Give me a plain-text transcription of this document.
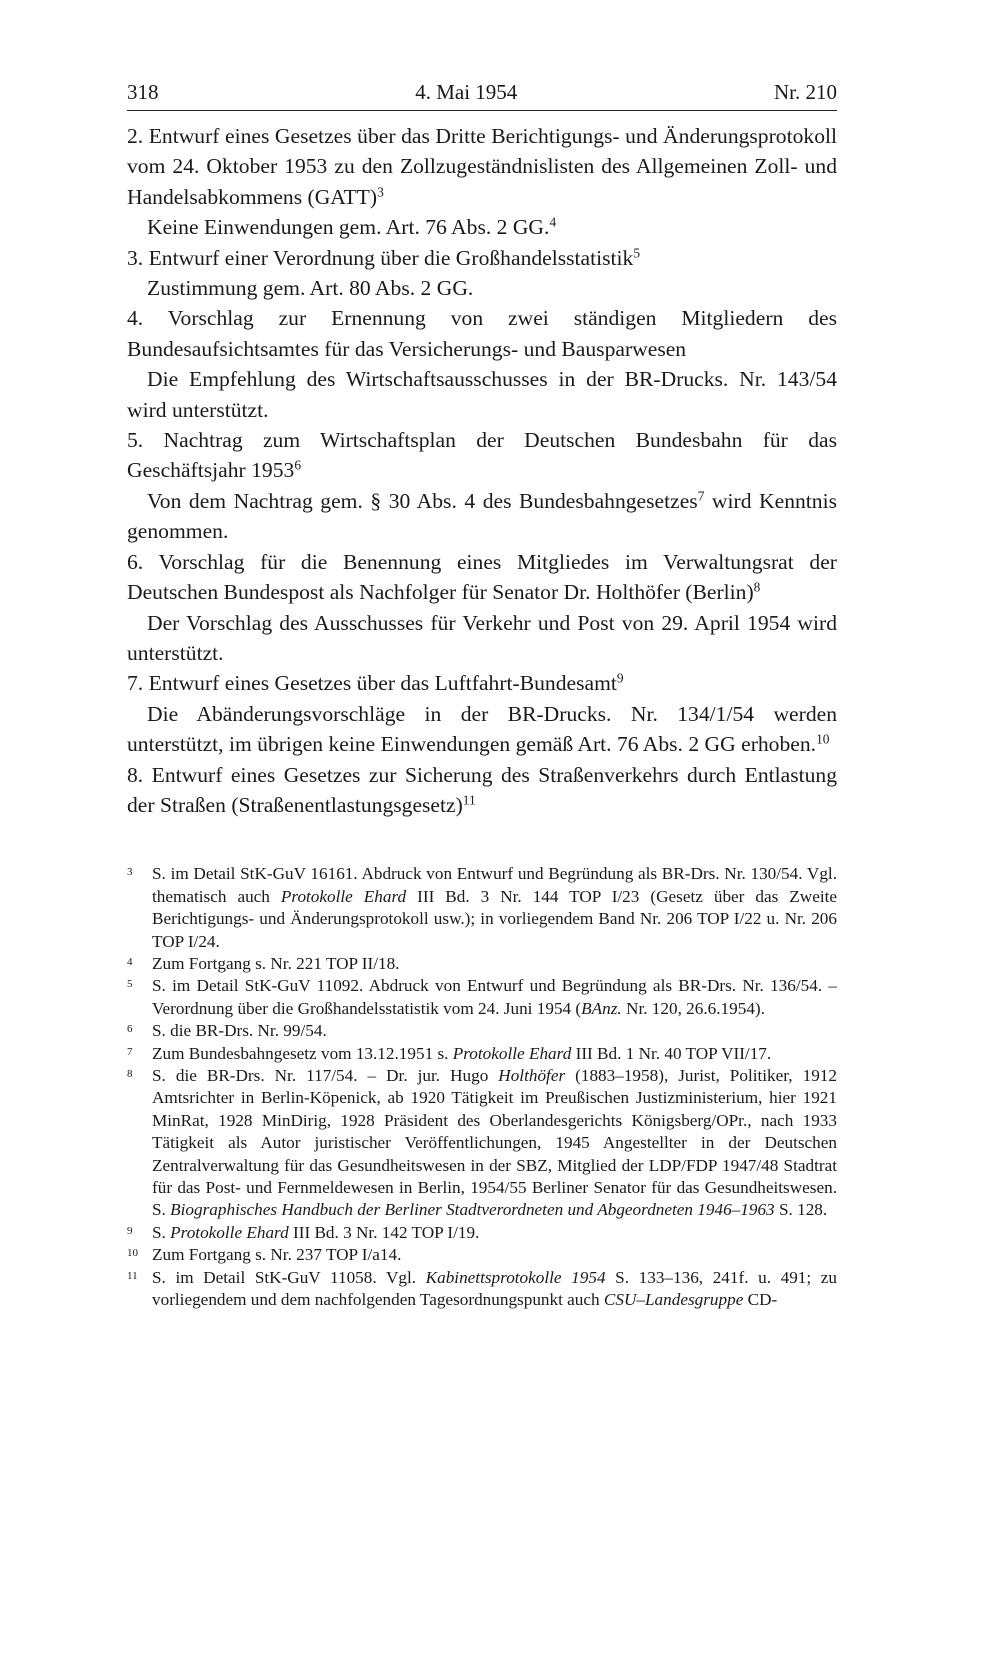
318	4. Mai 1954	Nr. 210
2. Entwurf eines Gesetzes über das Dritte Berichtigungs- und Änderungsprotokoll vom 24. Oktober 1953 zu den Zollzugeständnislisten des Allgemeinen Zoll- und Handelsabkommens (GATT)$^3$
Keine Einwendungen gem. Art. 76 Abs. 2 GG.$^4$
3. Entwurf einer Verordnung über die Großhandelsstatistik$^5$
Zustimmung gem. Art. 80 Abs. 2 GG.
4. Vorschlag zur Ernennung von zwei ständigen Mitgliedern des Bundesaufsichtsamtes für das Versicherungs- und Bausparwesen
Die Empfehlung des Wirtschaftsausschusses in der BR-Drucks. Nr. 143/54 wird unterstützt.
5. Nachtrag zum Wirtschaftsplan der Deutschen Bundesbahn für das Geschäftsjahr 1953$^6$
Von dem Nachtrag gem. § 30 Abs. 4 des Bundesbahngesetzes$^7$ wird Kenntnis genommen.
6. Vorschlag für die Benennung eines Mitgliedes im Verwaltungsrat der Deutschen Bundespost als Nachfolger für Senator Dr. Holthöfer (Berlin)$^8$
Der Vorschlag des Ausschusses für Verkehr und Post von 29. April 1954 wird unterstützt.
7. Entwurf eines Gesetzes über das Luftfahrt-Bundesamt$^9$
Die Abänderungsvorschläge in der BR-Drucks. Nr. 134/1/54 werden unterstützt, im übrigen keine Einwendungen gemäß Art. 76 Abs. 2 GG erhoben.$^{10}$
8. Entwurf eines Gesetzes zur Sicherung des Straßenverkehrs durch Entlastung der Straßen (Straßenentlastungsgesetz)$^{11}$
3	S. im Detail StK-GuV 16161. Abdruck von Entwurf und Begründung als BR-Drs. Nr. 130/54. Vgl. thematisch auch Protokolle Ehard III Bd. 3 Nr. 144 TOP I/23 (Gesetz über das Zweite Berichtigungs- und Änderungsprotokoll usw.); in vorliegendem Band Nr. 206 TOP I/22 u. Nr. 206 TOP I/24.
4	Zum Fortgang s. Nr. 221 TOP II/18.
5	S. im Detail StK-GuV 11092. Abdruck von Entwurf und Begründung als BR-Drs. Nr. 136/54. – Verordnung über die Großhandelsstatistik vom 24. Juni 1954 (BAnz. Nr. 120, 26.6.1954).
6	S. die BR-Drs. Nr. 99/54.
7	Zum Bundesbahngesetz vom 13.12.1951 s. Protokolle Ehard III Bd. 1 Nr. 40 TOP VII/17.
8	S. die BR-Drs. Nr. 117/54. – Dr. jur. Hugo Holthöfer (1883–1958), Jurist, Politiker, 1912 Amtsrichter in Berlin-Köpenick, ab 1920 Tätigkeit im Preußischen Justizministerium, hier 1921 MinRat, 1928 MinDirig, 1928 Präsident des Oberlandesgerichts Königsberg/OPr., nach 1933 Tätigkeit als Autor juristischer Veröffentlichungen, 1945 Angestellter in der Deutschen Zentralverwaltung für das Gesundheitswesen in der SBZ, Mitglied der LDP/FDP 1947/48 Stadtrat für das Post- und Fernmeldewesen in Berlin, 1954/55 Berliner Senator für das Gesundheitswesen. S. Biographisches Handbuch der Berliner Stadtverordneten und Abgeordneten 1946–1963 S. 128.
9	S. Protokolle Ehard III Bd. 3 Nr. 142 TOP I/19.
10 Zum Fortgang s. Nr. 237 TOP I/a14.
11 S. im Detail StK-GuV 11058. Vgl. Kabinettsprotokolle 1954 S. 133–136, 241f. u. 491; zu vorliegendem und dem nachfolgenden Tagesordnungspunkt auch CSU–Landesgruppe CD-
